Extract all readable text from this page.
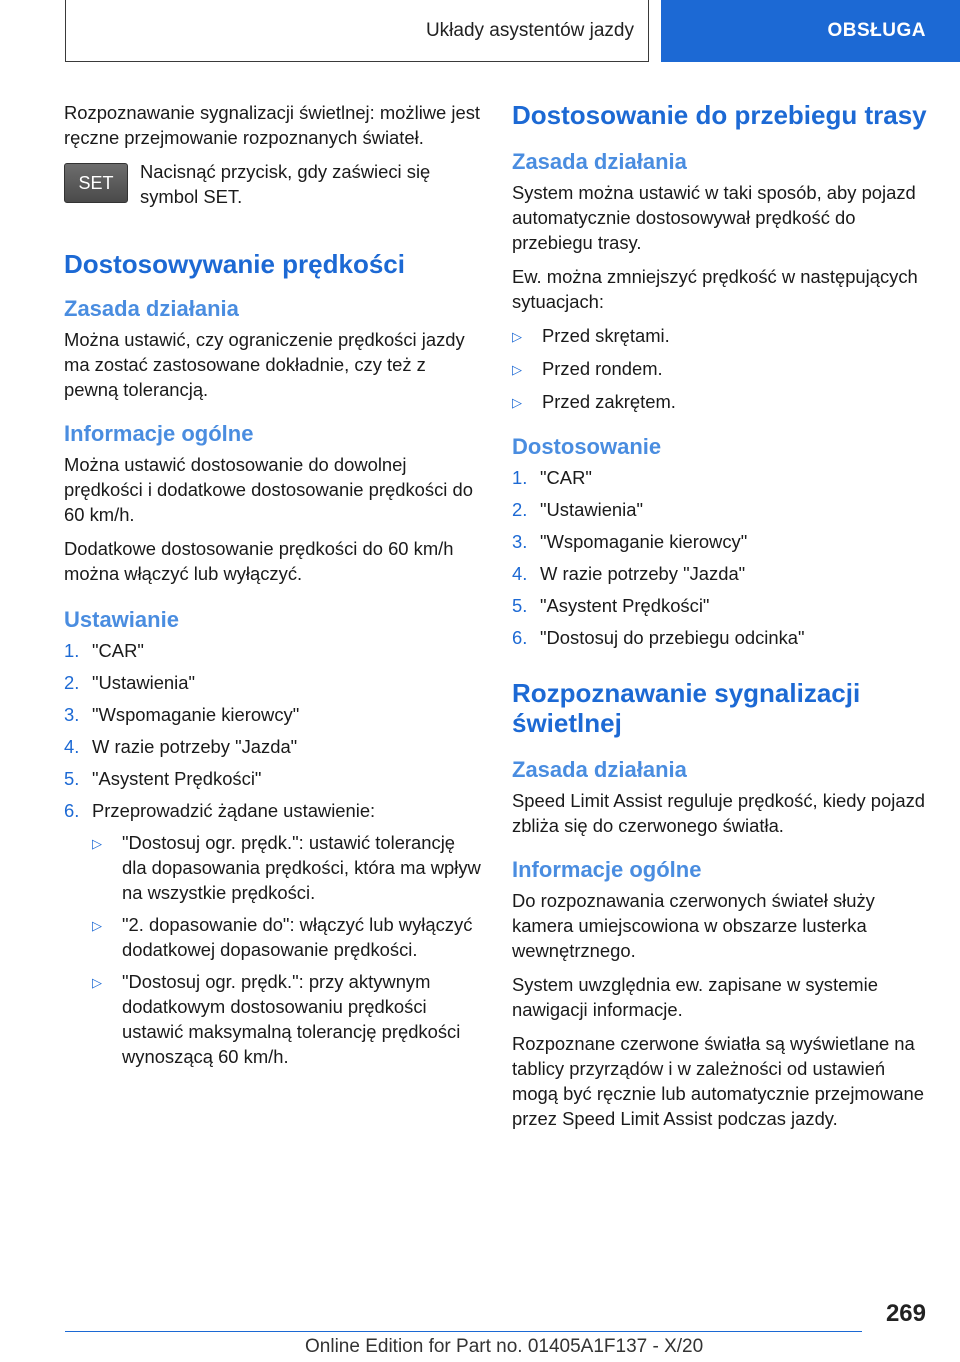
Układy asystentów jazdy	OBSŁUGA

Rozpoznawanie sygnalizacji świetlnej: możliwe jest ręczne przejmowanie rozpoznanych świateł.

SET

Nacisnąć przycisk, gdy zaświeci się symbol SET.

Dostosowywanie prędkości
Zasada działania

Można ustawić, czy ograniczenie prędkości jazdy ma zostać zastosowane dokładnie, czy też z pewną tolerancją.

Informacje ogólne

Można ustawić dostosowanie do dowolnej prędkości i dodatkowe dostosowanie prędkości do 60 km/h.

Dodatkowe dostosowanie prędkości do 60 km/h można włączyć lub wyłączyć.

Ustawianie
1. "CAR"
2. "Ustawienia"
3. "Wspomaganie kierowcy"
4. W razie potrzeby "Jazda"
5. "Asystent Prędkości"
6. Przeprowadzić żądane ustawienie:
▷	"Dostosuj ogr. prędk.": ustawić tolerancję dla dopasowania prędkości, która ma wpływ na wszystkie prędkości.
▷	"2. dopasowanie do": włączyć lub wyłączyć dodatkowej dopasowanie prędkości.
▷	"Dostosuj ogr. prędk.": przy aktywnym dodatkowym dostosowaniu prędkości ustawić maksymalną tolerancję prędkości wynoszącą 60 km/h.
Dostosowanie do przebiegu trasy
Zasada działania

System można ustawić w taki sposób, aby pojazd automatycznie dostosowywał prędkość do przebiegu trasy.

Ew. można zmniejszyć prędkość w następujących sytuacjach:

▷	Przed skrętami.
▷	Przed rondem.
▷	Przed zakrętem.
Dostosowanie
1. "CAR"
2. "Ustawienia"
3. "Wspomaganie kierowcy"
4. W razie potrzeby "Jazda"
5. "Asystent Prędkości"
6. "Dostosuj do przebiegu odcinka"
Rozpoznawanie sygnalizacji świetlnej
Zasada działania

Speed Limit Assist reguluje prędkość, kiedy pojazd zbliża się do czerwonego światła.

Informacje ogólne

Do rozpoznawania czerwonych świateł służy kamera umiejscowiona w obszarze lusterka wewnętrznego.

System uwzględnia ew. zapisane w systemie nawigacji informacje.

Rozpoznane czerwone światła są wyświetlane na tablicy przyrządów i w zależności od ustawień mogą być ręcznie lub automatycznie przejmowane przez Speed Limit Assist podczas jazdy.

269
Online Edition for Part no. 01405A1F137 - X/20
